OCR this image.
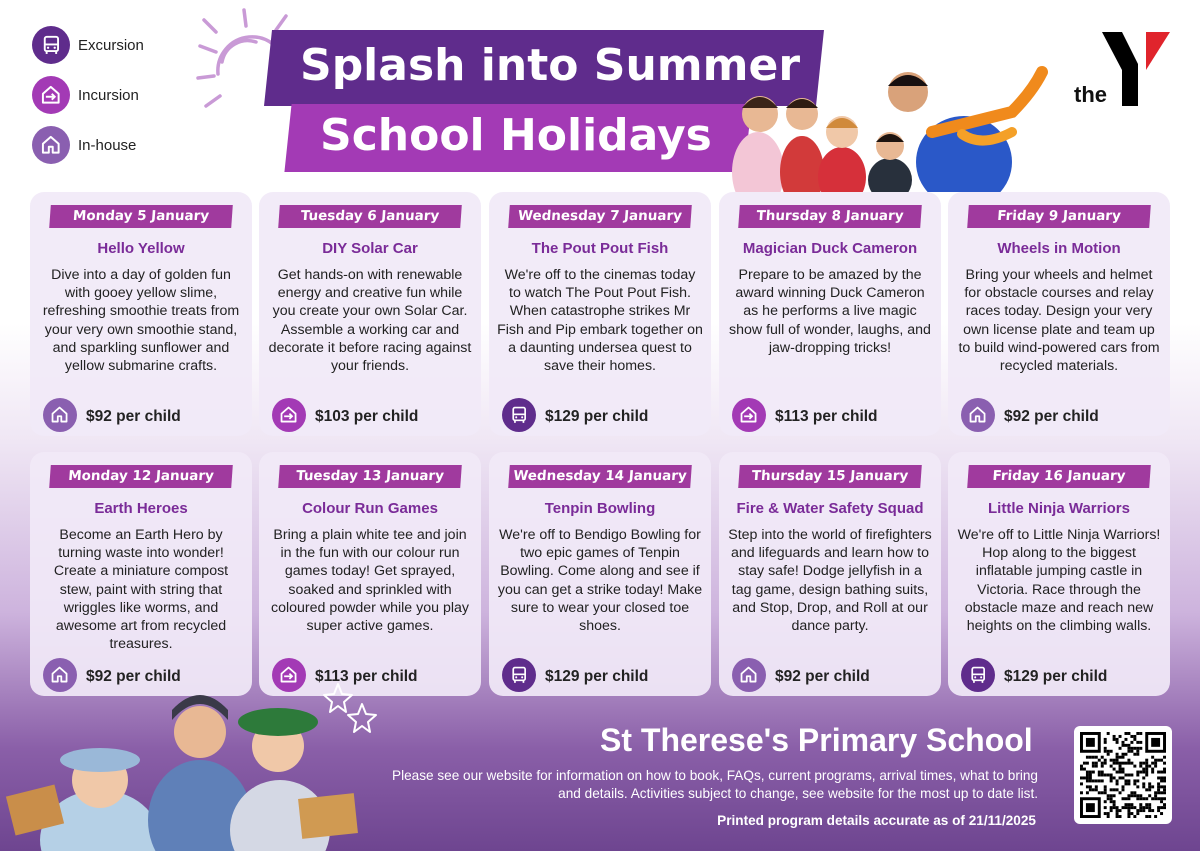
Excursion
Incursion
In-house
Splash into Summer
School Holidays
the
Monday 5 January
Hello Yellow
Dive into a day of golden fun with gooey yellow slime, refreshing smoothie treats from your very own smoothie stand, and sparkling sunflower and yellow submarine crafts.
$92 per child
Tuesday 6 January
DIY Solar Car
Get hands-on with renewable energy and creative fun while you create your own Solar Car. Assemble a working car and decorate it before racing against your friends.
$103 per child
Wednesday 7 January
The Pout Pout Fish
We're off to the cinemas today to watch The Pout Pout Fish. When catastrophe strikes Mr Fish and Pip embark together on a daunting undersea quest to save their homes.
$129 per child
Thursday 8 January
Magician Duck Cameron
Prepare to be amazed by the award winning Duck Cameron as he performs a live magic show full of wonder, laughs, and jaw-dropping tricks!
$113 per child
Friday 9 January
Wheels in Motion
Bring your wheels and helmet for obstacle courses and relay races today. Design your very own license plate and team up to build wind-powered cars from recycled materials.
$92 per child
Monday 12 January
Earth Heroes
Become an Earth Hero by turning waste into wonder! Create a miniature compost stew, paint with string that wriggles like worms, and awesome art from recycled treasures.
$92 per child
Tuesday 13 January
Colour Run Games
Bring a plain white tee and join in the fun with our colour run games today! Get sprayed, soaked and sprinkled with coloured powder while you play super active games.
$113 per child
Wednesday 14 January
Tenpin Bowling
We're off to Bendigo Bowling for two epic games of Tenpin Bowling. Come along and see if you can get a strike today! Make sure to wear your closed toe shoes.
$129 per child
Thursday 15 January
Fire & Water Safety Squad
Step into the world of firefighters and lifeguards and learn how to stay safe! Dodge jellyfish in a tag game, design bathing suits, and Stop, Drop, and Roll at our dance party.
$92 per child
Friday 16 January
Little Ninja Warriors
We're off to Little Ninja Warriors! Hop along to the biggest inflatable jumping castle in Victoria. Race through the obstacle maze and reach new heights on the climbing walls.
$129 per child
St Therese's Primary School
Please see our website for information on how to book, FAQs, current programs, arrival times, what to bring and details. Activities subject to change, see website for the most up to date list.
Printed program details accurate as of 21/11/2025
